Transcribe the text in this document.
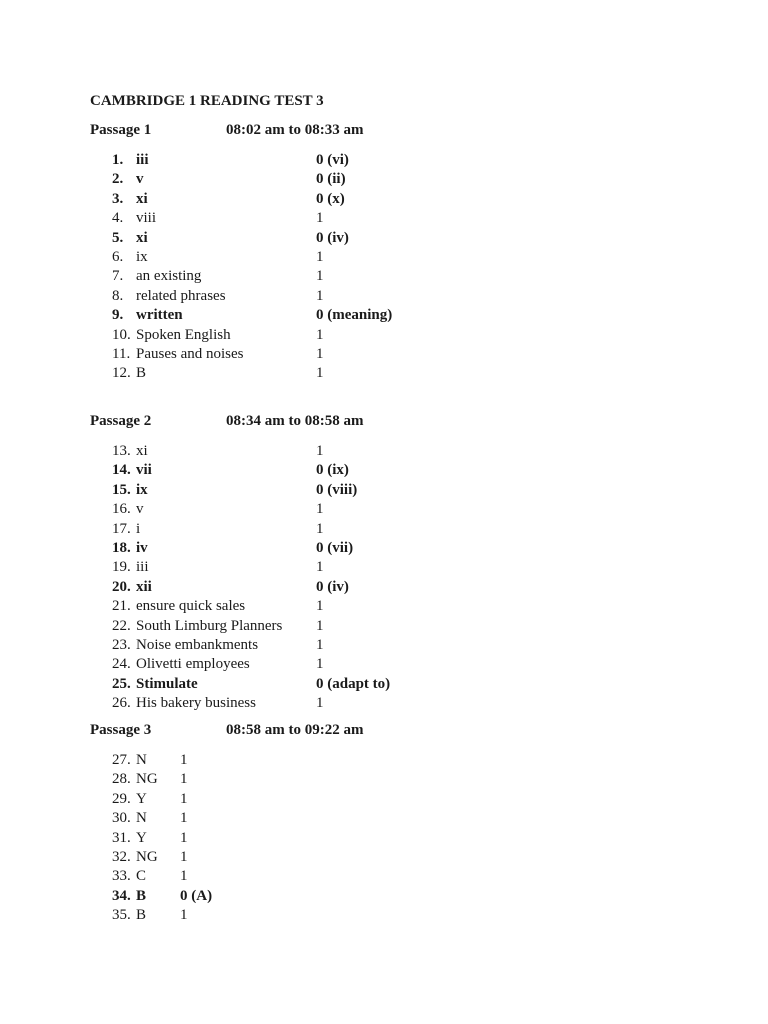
CAMBRIDGE 1 READING TEST 3
Passage 1	08:02 am to 08:33 am
1. iii	0 (vi)
2. v	0 (ii)
3. xi	0 (x)
4. viii	1
5. xi	0 (iv)
6. ix	1
7. an existing	1
8. related phrases	1
9. written	0 (meaning)
10. Spoken English	1
11. Pauses and noises	1
12. B	1
Passage 2	08:34 am to 08:58 am
13. xi	1
14. vii	0 (ix)
15. ix	0 (viii)
16. v	1
17. i	1
18. iv	0 (vii)
19. iii	1
20. xii	0 (iv)
21. ensure quick sales	1
22. South Limburg Planners 1
23. Noise embankments	1
24. Olivetti employees	1
25. Stimulate	0 (adapt to)
26. His bakery business	1
Passage 3	08:58 am to 09:22 am
27. N 1
28. NG 1
29. Y 1
30. N 1
31. Y 1
32. NG 1
33. C 1
34. B 0 (A)
35. B 1
